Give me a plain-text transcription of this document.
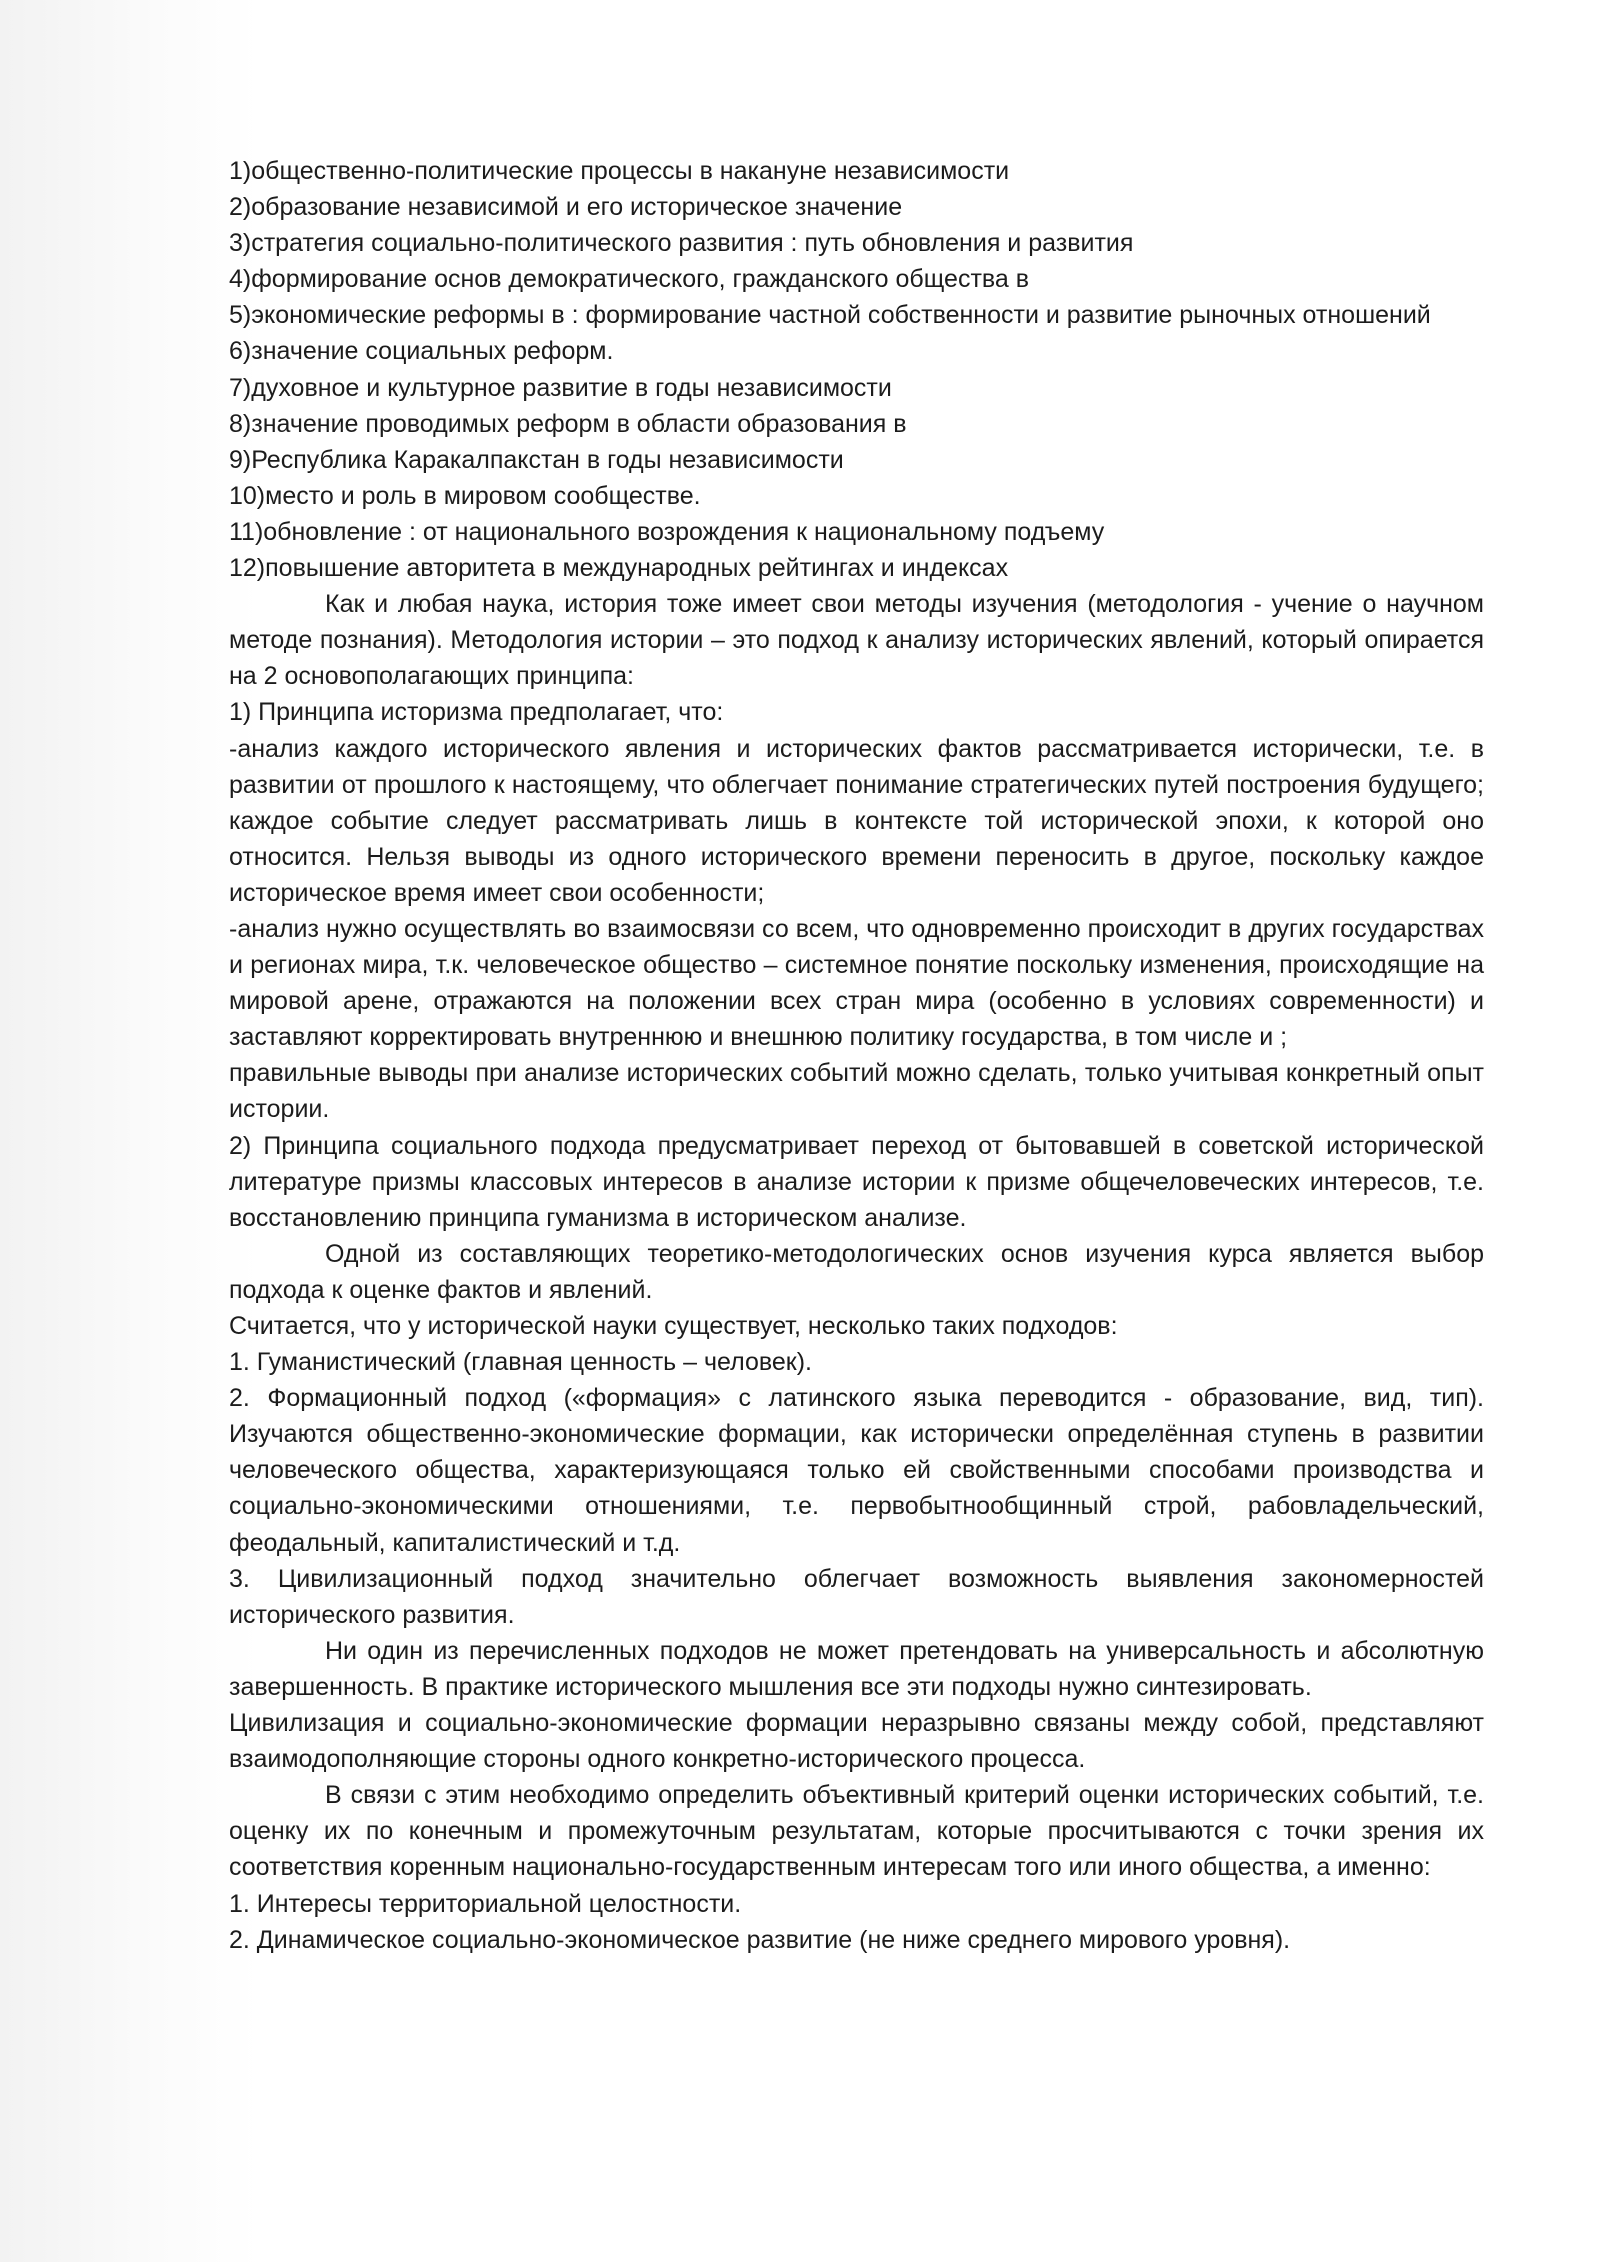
1)общественно-политические процессы в накануне независимости

2)образование независимой и его историческое значение

3)стратегия социально-политического развития : путь обновления и развития

4)формирование основ демократического, гражданского общества в

5)экономические реформы в : формирование частной собственности и развитие рыночных отношений

6)значение социальных реформ.

7)духовное и культурное развитие в годы независимости

8)значение проводимых реформ в области образования в

9)Республика Каракалпакстан в годы независимости

10)место и роль в мировом сообществе.

11)обновление : от национального возрождения к национальному подъему

12)повышение авторитета в международных рейтингах и индексах

Как и любая наука, история тоже имеет свои методы изучения (методология - учение о научном методе познания). Методология истории – это подход к анализу исторических явлений, который опирается на 2 основополагающих принципа:

1) Принципа историзма предполагает, что:

-анализ каждого исторического явления и исторических фактов рассматривается исторически, т.е. в развитии от прошлого к настоящему, что облегчает понимание стратегических путей построения будущего; каждое событие следует рассматривать лишь в контексте той исторической эпохи, к которой оно относится. Нельзя выводы из одного исторического времени переносить в другое, поскольку каждое историческое время имеет свои особенности;

-анализ нужно осуществлять во взаимосвязи со всем, что одновременно происходит в других государствах и регионах мира, т.к. человеческое общество – системное понятие поскольку изменения, происходящие на мировой арене, отражаются на положении всех стран мира (особенно в условиях современности) и заставляют корректировать внутреннюю и внешнюю политику государства, в том числе и ;

правильные выводы при анализе исторических событий можно сделать, только учитывая конкретный опыт истории.

2) Принципа социального подхода предусматривает переход от бытовавшей в советской исторической литературе призмы классовых интересов в анализе истории к призме общечеловеческих интересов, т.е. восстановлению принципа гуманизма в историческом анализе.

Одной из составляющих теоретико-методологических основ изучения курса является выбор подхода к оценке фактов и явлений.

Считается, что у исторической науки существует, несколько таких подходов:

1. Гуманистический (главная ценность – человек).

2. Формационный подход («формация» с латинского языка переводится - образование, вид, тип). Изучаются общественно-экономические формации, как исторически определённая ступень в развитии человеческого общества, характеризующаяся только ей свойственными способами производства и социально-экономическими отношениями, т.е. первобытнообщинный строй, рабовладельческий, феодальный, капиталистический и т.д.

3. Цивилизационный подход значительно облегчает возможность выявления закономерностей исторического развития.

Ни один из перечисленных подходов не может претендовать на универсальность и абсолютную завершенность. В практике исторического мышления все эти подходы нужно синтезировать.

Цивилизация и социально-экономические формации неразрывно связаны между собой, представляют взаимодополняющие стороны одного конкретно-исторического процесса.

В связи с этим необходимо определить объективный критерий оценки исторических событий, т.е. оценку их по конечным и промежуточным результатам, которые просчитываются с точки зрения их соответствия коренным национально-государственным интересам того или иного общества, а именно:

1. Интересы территориальной целостности.

2. Динамическое социально-экономическое развитие (не ниже среднего мирового уровня).
